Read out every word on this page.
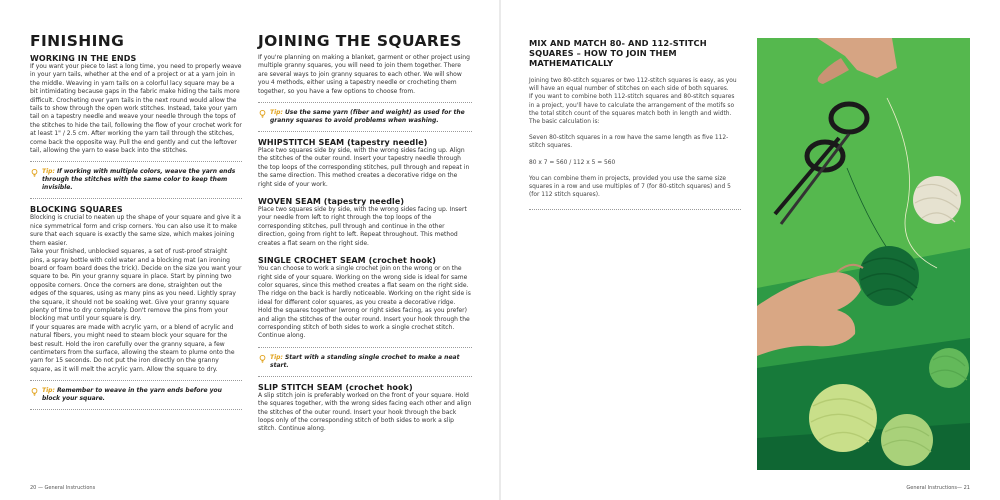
FINISHING
WORKING IN THE ENDS

If you want your piece to last a long time, you need to properly weave in your yarn tails, whether at the end of a project or at a yarn join in the middle. Weaving in yarn tails on a colorful lacy square may be a bit intimidating because gaps in the fabric make hiding the tails more difficult. Crocheting over yarn tails in the next round would allow the tails to show through the open work stitches. Instead, take your yarn tail on a tapestry needle and weave your needle through the tops of the stitches to hide the tail, following the flow of your crochet work for at least 1" / 2.5 cm. After working the yarn tail through the stitches, come back the opposite way. Pull the end gently and cut the leftover tail, allowing the yarn to ease back into the stitches.

Tip: If working with multiple colors, weave the yarn ends through the stitches with the same color to keep them invisible.
BLOCKING SQUARES

Blocking is crucial to neaten up the shape of your square and give it a nice symmetrical form and crisp corners. You can also use it to make sure that each square is exactly the same size, which makes joining them easier.

Take your finished, unblocked squares, a set of rust-proof straight pins, a spray bottle with cold water and a blocking mat (an ironing board or foam board does the trick). Decide on the size you want your square to be. Pin your granny square in place. Start by pinning two opposite corners. Once the corners are done, straighten out the edges of the squares, using as many pins as you need. Lightly spray the square, it should not be soaking wet. Give your granny square plenty of time to dry completely. Don't remove the pins from your blocking mat until your square is dry.

If your squares are made with acrylic yarn, or a blend of acrylic and natural fibers, you might need to steam block your square for the best result. Hold the iron carefully over the granny square, a few centimeters from the surface, allowing the steam to plume onto the yarn for 15 seconds. Do not put the iron directly on the granny square, as it will melt the acrylic yarn. Allow the square to dry.

Tip: Remember to weave in the yarn ends before you block your square.
JOINING THE SQUARES

If you're planning on making a blanket, garment or other project using multiple granny squares, you will need to join them together. There are several ways to join granny squares to each other. We will show you 4 methods, either using a tapestry needle or crocheting them together, so you have a few options to choose from.

Tip: Use the same yarn (fiber and weight) as used for the granny squares to avoid problems when washing.
WHIPSTITCH SEAM (tapestry needle)

Place two squares side by side, with the wrong sides facing up. Align the stitches of the outer round. Insert your tapestry needle through the top loops of the corresponding stitches, pull through and repeat in the same direction. This method creates a decorative ridge on the right side of your work.

WOVEN SEAM (tapestry needle)

Place two squares side by side, with the wrong sides facing up. Insert your needle from left to right through the top loops of the corresponding stitches, pull through and continue in the other direction, going from right to left. Repeat throughout. This method creates a flat seam on the right side.

SINGLE CROCHET SEAM (crochet hook)

You can choose to work a single crochet join on the wrong or on the right side of your square. Working on the wrong side is ideal for same color squares, since this method creates a flat seam on the right side. The ridge on the back is hardly noticeable. Working on the right side is ideal for different color squares, as you create a decorative ridge.

Hold the squares together (wrong or right sides facing, as you prefer) and align the stitches of the outer round. Insert your hook through the corresponding stitch of both sides to work a single crochet stitch. Continue along.

Tip: Start with a standing single crochet to make a neat start.
SLIP STITCH SEAM (crochet hook)

A slip stitch join is preferably worked on the front of your square. Hold the squares together, with the wrong sides facing each other and align the stitches of the outer round. Insert your hook through the back loops only of the corresponding stitch of both sides to work a slip stitch. Continue along.

20 — General Instructions
MIX AND MATCH 80- AND 112-STITCH SQUARES – HOW TO JOIN THEM MATHEMATICALLY

Joining two 80-stitch squares or two 112-stitch squares is easy, as you will have an equal number of stitches on each side of both squares.

If you want to combine both 112-stitch squares and 80-stitch squares in a project, you'll have to calculate the arrangement of the motifs so the total stitch count of the squares match both in length and width. The basic calculation is:

Seven 80-stitch squares in a row have the same length as five 112-stitch squares.

80 x 7 = 560 / 112 x 5 = 560

You can combine them in projects, provided you use the same size squares in a row and use multiples of 7 (for 80-stitch squares) and 5 (for 112 stitch squares).

General Instructions— 21
